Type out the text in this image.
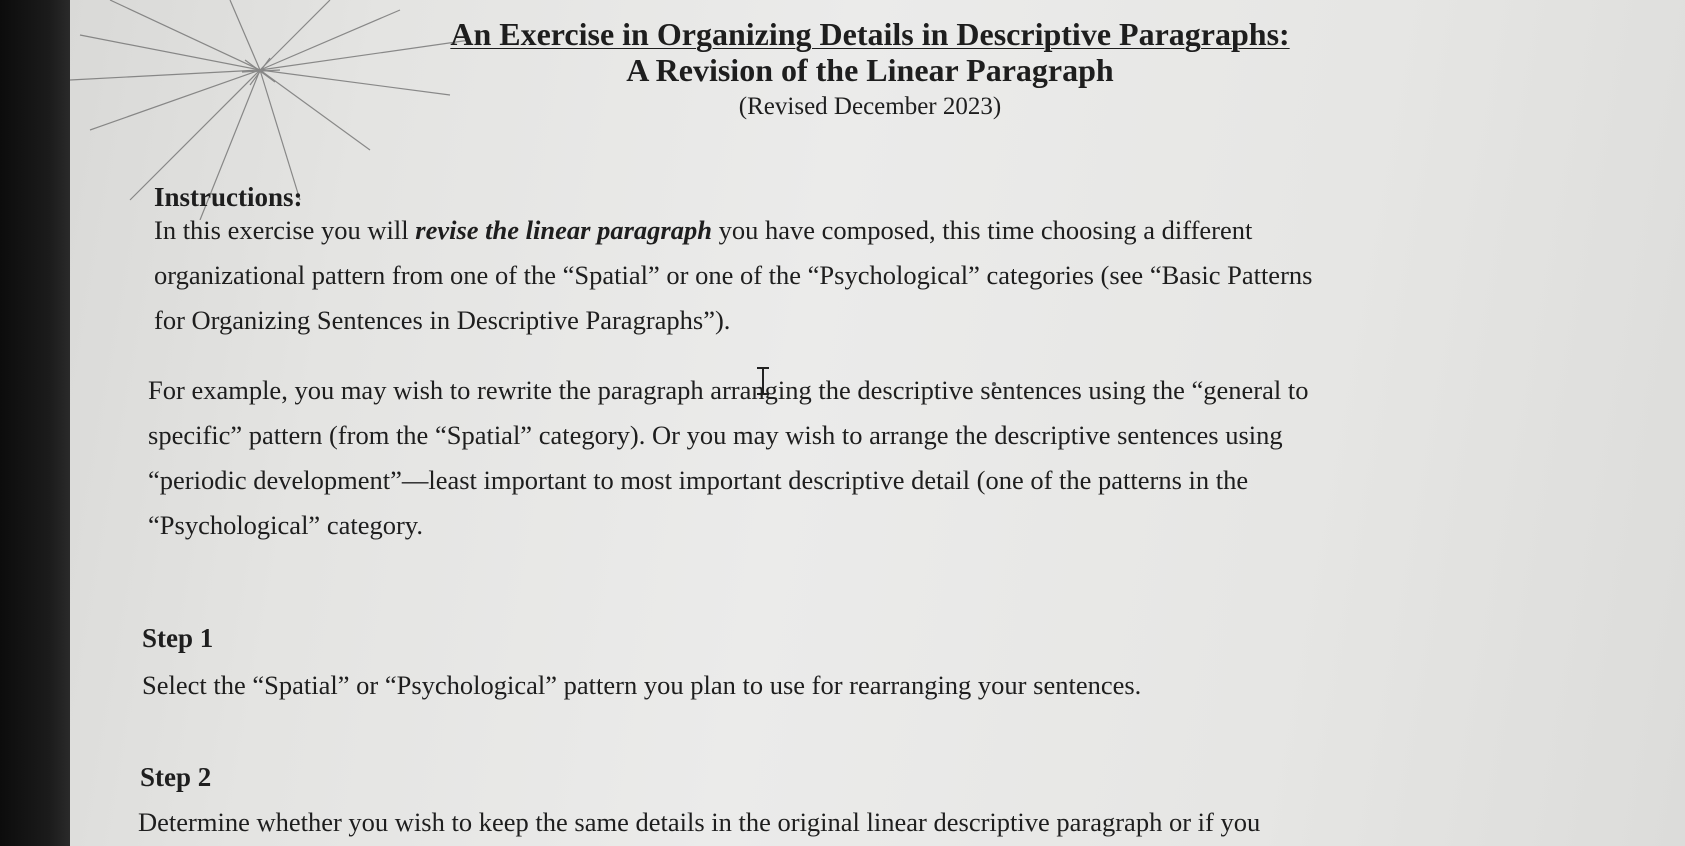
An Exercise in Organizing Details in Descriptive Paragraphs:
A Revision of the Linear Paragraph
(Revised December 2023)
Instructions:

In this exercise you will revise the linear paragraph you have composed, this time choosing a different
organizational pattern from one of the “Spatial” or one of the “Psychological” categories (see “Basic Patterns
for Organizing Sentences in Descriptive Paragraphs”).

For example, you may wish to rewrite the paragraph arranging the descriptive sentences using the “general to
specific” pattern (from the “Spatial” category). Or you may wish to arrange the descriptive sentences using
“periodic development”—least important to most important descriptive detail (one of the patterns in the
“Psychological” category.

Step 1

Select the “Spatial” or “Psychological” pattern you plan to use for rearranging your sentences.

Step 2

Determine whether you wish to keep the same details in the original linear descriptive paragraph or if you
